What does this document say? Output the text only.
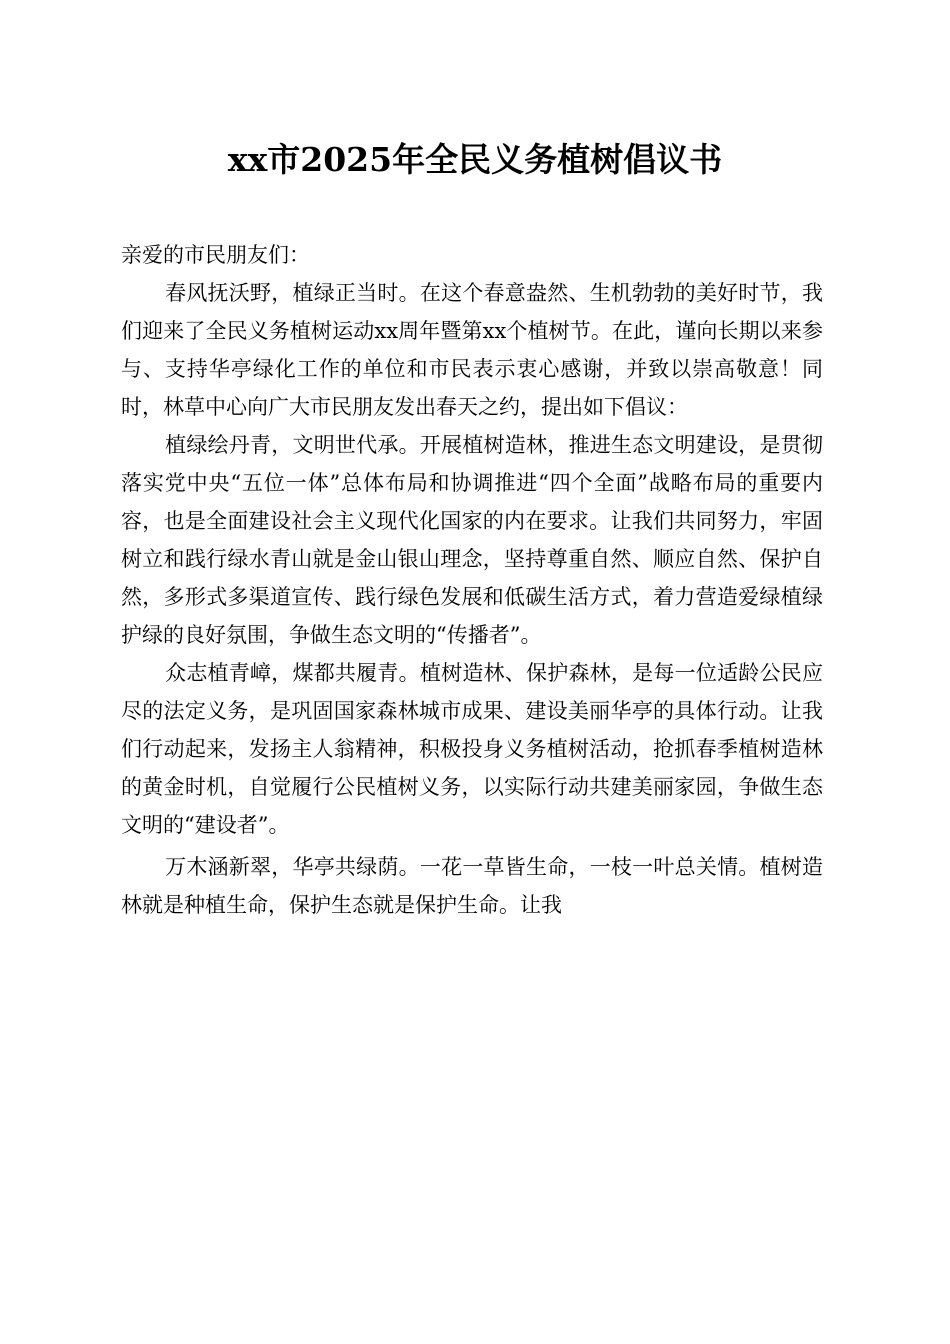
xx市2025年全民义务植树倡议书

亲爱的市民朋友们：

春风抚沃野，植绿正当时。在这个春意盎然、生机勃勃的美好时节，我们迎来了全民义务植树运动xx周年暨第xx个植树节。在此，谨向长期以来参与、支持华亭绿化工作的单位和市民表示衷心感谢，并致以崇高敬意！同时，林草中心向广大市民朋友发出春天之约，提出如下倡议：

植绿绘丹青，文明世代承。开展植树造林，推进生态文明建设，是贯彻落实党中央“五位一体”总体布局和协调推进“四个全面”战略布局的重要内容，也是全面建设社会主义现代化国家的内在要求。让我们共同努力，牢固树立和践行绿水青山就是金山银山理念，坚持尊重自然、顺应自然、保护自然，多形式多渠道宣传、践行绿色发展和低碳生活方式，着力营造爱绿植绿护绿的良好氛围，争做生态文明的“传播者”。

众志植青嶂，煤都共履青。植树造林、保护森林，是每一位适龄公民应尽的法定义务，是巩固国家森林城市成果、建设美丽华亭的具体行动。让我们行动起来，发扬主人翁精神，积极投身义务植树活动，抢抓春季植树造林的黄金时机，自觉履行公民植树义务，以实际行动共建美丽家园，争做生态文明的“建设者”。

万木涵新翠，华亭共绿荫。一花一草皆生命，一枝一叶总关情。植树造林就是种植生命，保护生态就是保护生命。让我
